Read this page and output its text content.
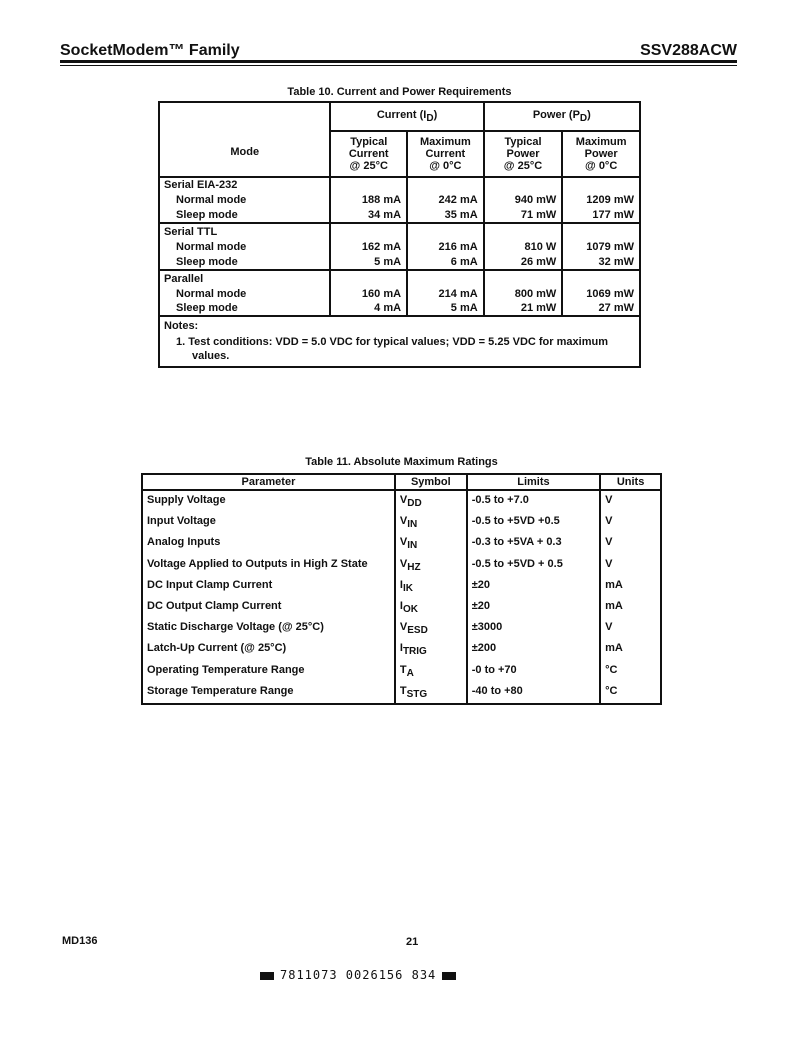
SocketModem™ Family	SSV288ACW
Table 10. Current and Power Requirements
Mode	Current $(I_D)$		Power $(P_D)$	
	Typical
Current
@ 25°C	Maximum
Current
@ 0°C	Typical
Power
@ 25°C	Maximum
Power
@ 0°C
Serial EIA-232				
Normal mode	188 mA	242 mA	940 mW	1209 mW
Sleep mode	34 mA	35 mA	71 mW	177 mW
Serial TTL				
Normal mode	162 mA	216 mA	810 W	1079 mW
Sleep mode	5 mA	6 mA	26 mW	32 mW
Parallel				
Normal mode	160 mA	214 mA	800 mW	1069 mW
Sleep mode	4 mA	5 mA	21 mW	27 mW
Notes:				
1. Test conditions: VDD = 5.0 VDC for typical values; VDD = 5.25 VDC for maximum				
values.				
Table 11. Absolute Maximum Ratings
Parameter	Symbol	Limits	Units
Supply Voltage	$V_{DD}$	-0.5 to +7.0	V
Input Voltage	$V_{IN}$	-0.5 to +5VD +0.5	V
Analog Inputs	$V_{IN}$	-0.3 to +5VA + 0.3	V
Voltage Applied to Outputs in High Z State	$V_{HZ}$	-0.5 to +5VD + 0.5	V
DC Input Clamp Current	$I_{IK}$	±20	mA
DC Output Clamp Current	$I_{OK}$	±20	mA
Static Discharge Voltage (@ 25°C)	$V_{ESD}$	±3000	V
Latch-Up Current (@ 25°C)	$I_{TRIG}$	±200	mA
Operating Temperature Range	$T_A$	-0 to +70	°C
Storage Temperature Range	$T_{STG}$	-40 to +80	°C
MD136	21
7811073 0026156 834
